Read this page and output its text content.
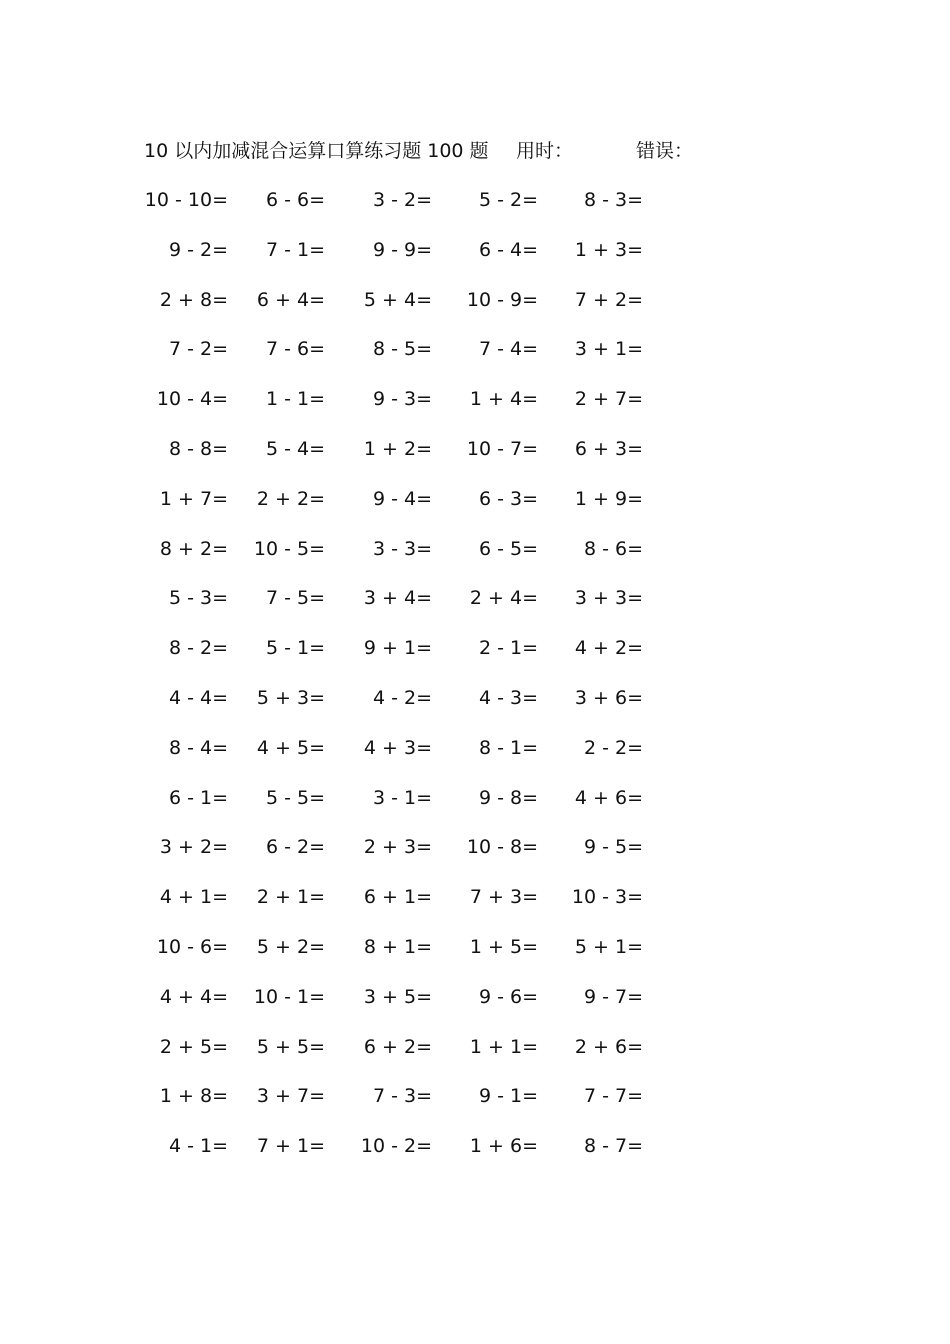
10 以内加减混合运算口算练习题 100 题 用时：	错误：
10 - 10=	6 - 6=	3 - 2=	5 - 2=	8 - 3=
9 - 2=	7 - 1=	9 - 9=	6 - 4=	1 + 3=
2 + 8=	6 + 4=	5 + 4=	10 - 9=	7 + 2=
7 - 2=	7 - 6=	8 - 5=	7 - 4=	3 + 1=
10 - 4=	1 - 1=	9 - 3=	1 + 4=	2 + 7=
8 - 8=	5 - 4=	1 + 2=	10 - 7=	6 + 3=
1 + 7=	2 + 2=	9 - 4=	6 - 3=	1 + 9=
8 + 2=	10 - 5=	3 - 3=	6 - 5=	8 - 6=
5 - 3=	7 - 5=	3 + 4=	2 + 4=	3 + 3=
8 - 2=	5 - 1=	9 + 1=	2 - 1=	4 + 2=
4 - 4=	5 + 3=	4 - 2=	4 - 3=	3 + 6=
8 - 4=	4 + 5=	4 + 3=	8 - 1=	2 - 2=
6 - 1=	5 - 5=	3 - 1=	9 - 8=	4 + 6=
3 + 2=	6 - 2=	2 + 3=	10 - 8=	9 - 5=
4 + 1=	2 + 1=	6 + 1=	7 + 3=	10 - 3=
10 - 6=	5 + 2=	8 + 1=	1 + 5=	5 + 1=
4 + 4=	10 - 1=	3 + 5=	9 - 6=	9 - 7=
2 + 5=	5 + 5=	6 + 2=	1 + 1=	2 + 6=
1 + 8=	3 + 7=	7 - 3=	9 - 1=	7 - 7=
4 - 1=	7 + 1=	10 - 2=	1 + 6=	8 - 7=
